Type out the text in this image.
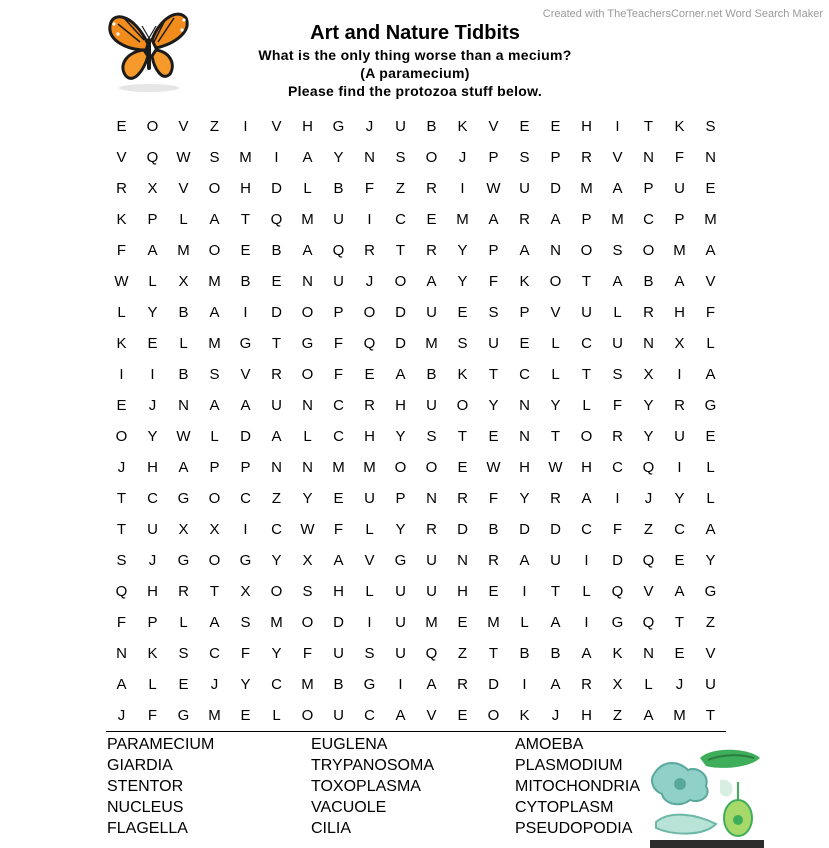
Created with TheTeachersCorner.net Word Search Maker
Art and Nature Tidbits
What is the only thing worse than a mecium?
(A paramecium)
Please find the protozoa stuff below.
E	O	V	Z	I	V	H	G	J	U	B	K	V	E	E	H	I	T	K	S
V	Q	W	S	M	I	A	Y	N	S	O	J	P	S	P	R	V	N	F	N
R	X	V	O	H	D	L	B	F	Z	R	I	W	U	D	M	A	P	U	E
K	P	L	A	T	Q	M	U	I	C	E	M	A	R	A	P	M	C	P	M
F	A	M	O	E	B	A	Q	R	T	R	Y	P	A	N	O	S	O	M	A
W	L	X	M	B	E	N	U	J	O	A	Y	F	K	O	T	A	B	A	V
L	Y	B	A	I	D	O	P	O	D	U	E	S	P	V	U	L	R	H	F
K	E	L	M	G	T	G	F	Q	D	M	S	U	E	L	C	U	N	X	L
I	I	B	S	V	R	O	F	E	A	B	K	T	C	L	T	S	X	I	A
E	J	N	A	A	U	N	C	R	H	U	O	Y	N	Y	L	F	Y	R	G
O	Y	W	L	D	A	L	C	H	Y	S	T	E	N	T	O	R	Y	U	E
J	H	A	P	P	N	N	M	M	O	O	E	W	H	W	H	C	Q	I	L
T	C	G	O	C	Z	Y	E	U	P	N	R	F	Y	R	A	I	J	Y	L
T	U	X	X	I	C	W	F	L	Y	R	D	B	D	D	C	F	Z	C	A
S	J	G	O	G	Y	X	A	V	G	U	N	R	A	U	I	D	Q	E	Y
Q	H	R	T	X	O	S	H	L	U	U	H	E	I	T	L	Q	V	A	G
F	P	L	A	S	M	O	D	I	U	M	E	M	L	A	I	G	Q	T	Z
N	K	S	C	F	Y	F	U	S	U	Q	Z	T	B	B	A	K	N	E	V
A	L	E	J	Y	C	M	B	G	I	A	R	D	I	A	R	X	L	J	U
J	F	G	M	E	L	O	U	C	A	V	E	O	K	J	H	Z	A	M	T
PARAMECIUM	EUGLENA	AMOEBA
GIARDIA	TRYPANOSOMA	PLASMODIUM
STENTOR	TOXOPLASMA	MITOCHONDRIA
NUCLEUS	VACUOLE	CYTOPLASM
FLAGELLA	CILIA	PSEUDOPODIA
